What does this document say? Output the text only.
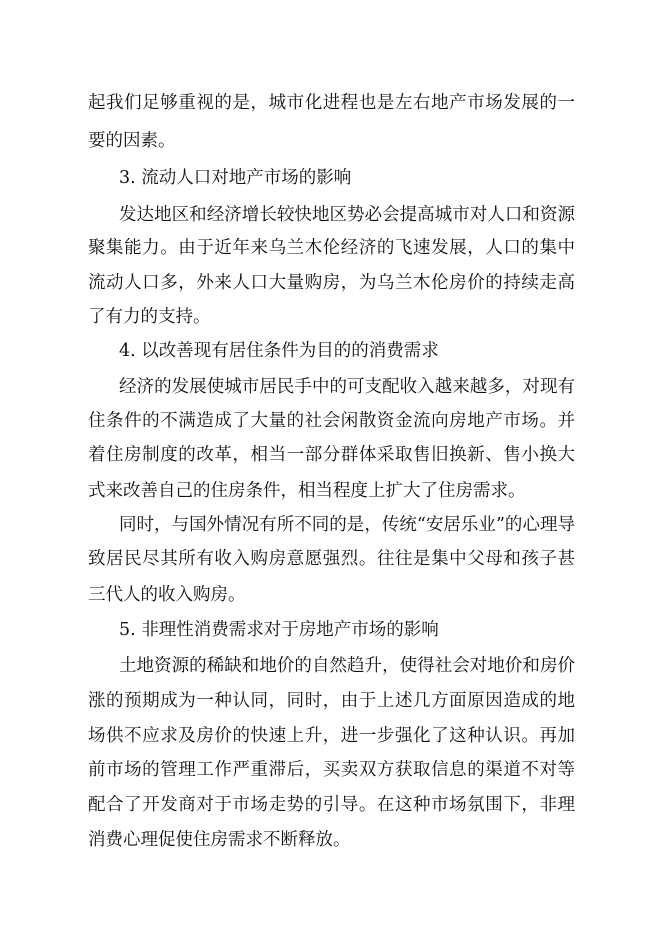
起我们足够重视的是，城市化进程也是左右地产市场发展的一
要的因素。
3. 流动人口对地产市场的影响
发达地区和经济增长较快地区势必会提高城市对人口和资源
聚集能力。由于近年来乌兰木伦经济的飞速发展，人口的集中
流动人口多，外来人口大量购房，为乌兰木伦房价的持续走高
了有力的支持。
4. 以改善现有居住条件为目的的消费需求
经济的发展使城市居民手中的可支配收入越来越多，对现有
住条件的不满造成了大量的社会闲散资金流向房地产市场。并
着住房制度的改革，相当一部分群体采取售旧换新、售小换大
式来改善自己的住房条件，相当程度上扩大了住房需求。
同时，与国外情况有所不同的是，传统“安居乐业”的心理导
致居民尽其所有收入购房意愿强烈。往往是集中父母和孩子甚
三代人的收入购房。
5. 非理性消费需求对于房地产市场的影响
土地资源的稀缺和地价的自然趋升，使得社会对地价和房价
涨的预期成为一种认同，同时，由于上述几方面原因造成的地
场供不应求及房价的快速上升，进一步强化了这种认识。再加
前市场的管理工作严重滞后，买卖双方获取信息的渠道不对等
配合了开发商对于市场走势的引导。在这种市场氛围下，非理
消费心理促使住房需求不断释放。
